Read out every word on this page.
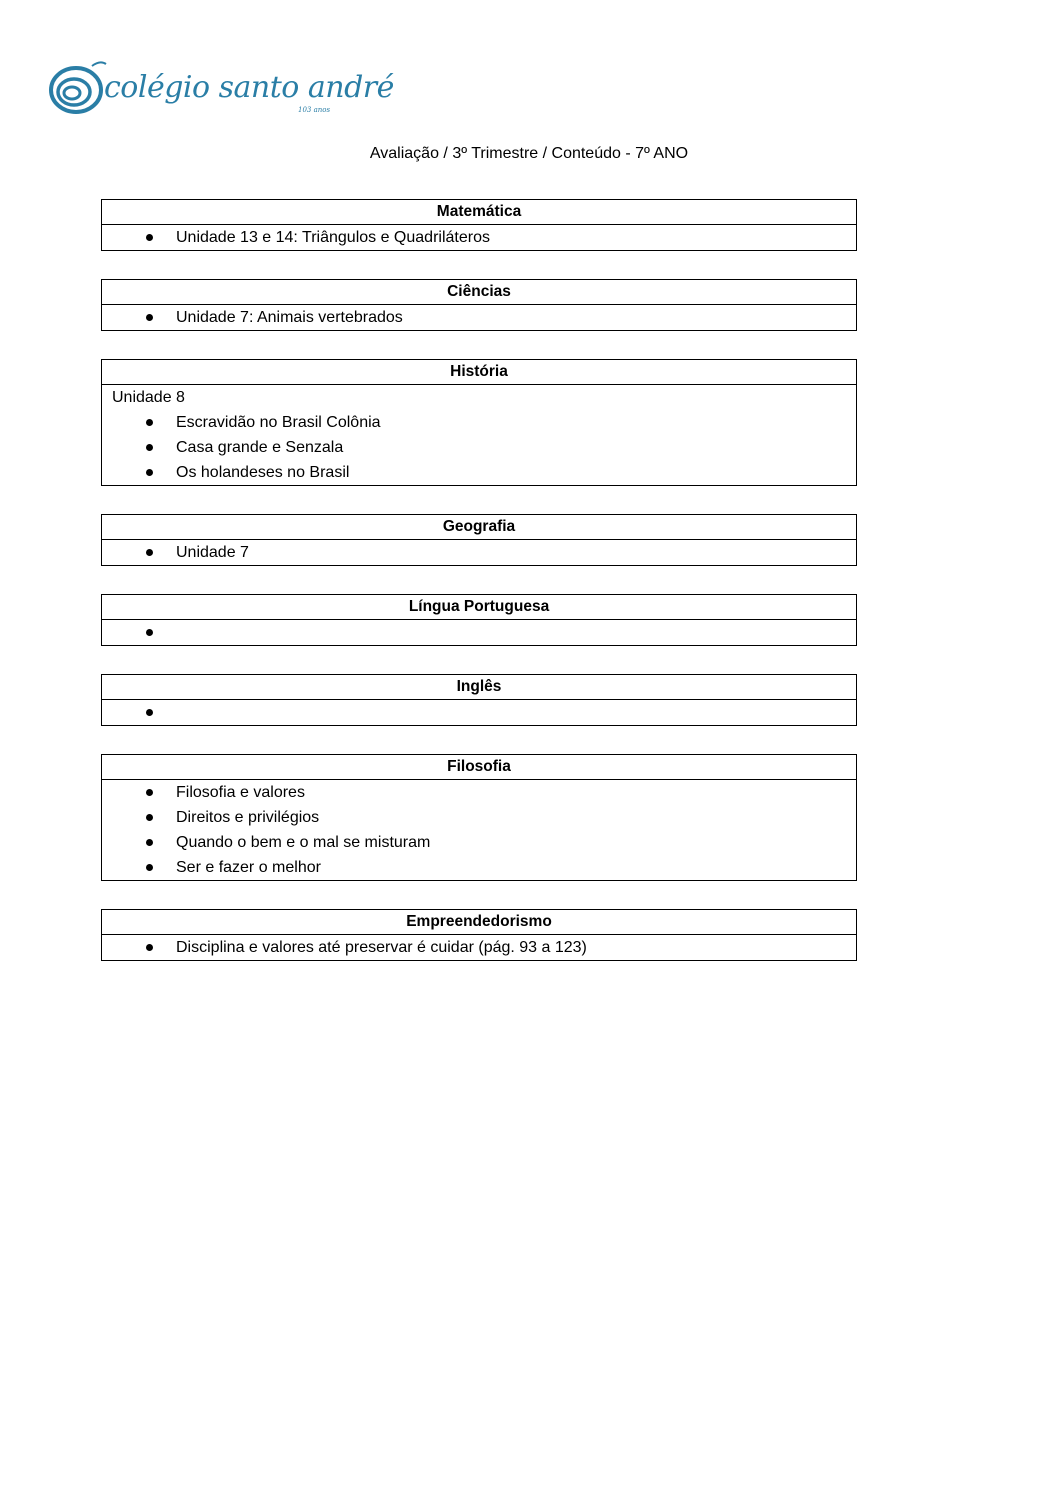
colégio santo andré
103 anos
Avaliação / 3º Trimestre / Conteúdo - 7º ANO
Matemática
Unidade 13 e 14: Triângulos e Quadriláteros
Ciências
Unidade 7: Animais vertebrados
História
Unidade 8
Escravidão no Brasil Colônia
Casa grande e Senzala
Os holandeses no Brasil
Geografia
Unidade 7
Língua Portuguesa
Inglês
Filosofia
Filosofia e valores
Direitos e privilégios
Quando o bem e o mal se misturam
Ser e fazer o melhor
Empreendedorismo
Disciplina e valores até preservar é cuidar (pág. 93 a 123)
